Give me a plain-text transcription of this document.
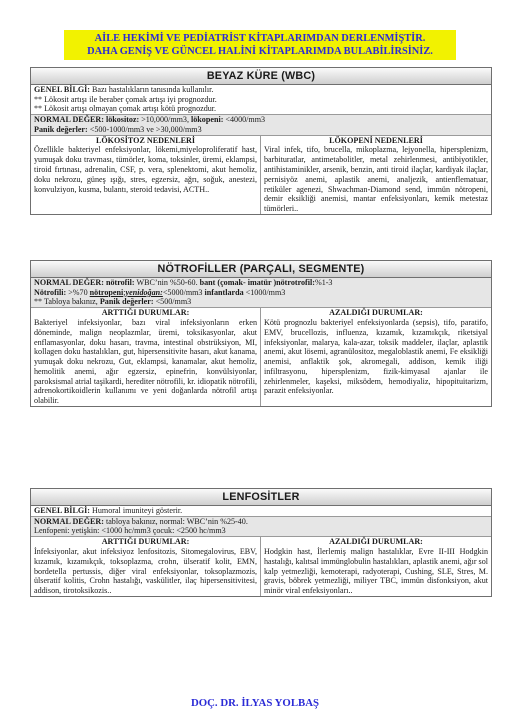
AİLE HEKİMİ VE PEDİATRİST KİTAPLARIMDAN DERLENMİŞTİR.
DAHA GENİŞ VE GÜNCEL HALİNİ KİTAPLARIMDA BULABİLİRSİNİZ.
BEYAZ KÜRE (WBC)
GENEL BİLGİ: Bazı hastalıkların tanısında kullanılır.
** Lökosit artışı ile beraber çomak artışı iyi prognozdur.
** Lökosit artışı olmayan çomak artışı kötü prognozdur.
NORMAL DEĞER: lökositoz: >10,000/mm3, lökopeni: <4000/mm3
Panik değerler: <500-1000/mm3 ve >30,000/mm3
LÖKOSİTOZ NEDENLERİ
Özellikle bakteriyel enfeksiyonlar, lökemi,miyeloproliferatif hast, yumuşak doku travması, tümörler, koma, toksinler, üremi, eklampsi, tiroid fırtınası, adrenalin, CSF, p. vera, splenektomi, akut hemoliz, doku nekrozu, güneş ışığı, stres, egzersiz, ağrı, soğuk, anestezi, konvulziyon, kusma, bulantı, steroid tedavisi, ACTH..
LÖKOPENİ NEDENLERİ
Viral infek, tifo, brucella, mikoplazma, lejyonella, hipersplenizm, barbituratlar, antimetabolitler, metal zehirlenmesi, antibiyotikler, antihistaminikler, arsenik, benzin, anti tiroid ilaçlar, kardiyak ilaçlar, pernisiyöz anemi, aplastik anemi, analjezik, antienflematuar, retiküler agenezi, Shwachman-Diamond send, immün nötropeni, demir eksikliği anemisi, mantar enfeksiyonları, kemik metestaz tümörleri..
NÖTROFİLLER (PARÇALI, SEGMENTE)
NORMAL DEĞER: nötrofil: WBC’nin %50-60. bant (çomak- imatür )nötrotrofil:%1-3
Nötrofili: >%70 nötropeni;yenidoğan:<5000/mm3 infantlarda <1000/mm3
** Tabloya bakınız, Panik değerler: <500/mm3
ARTTIĞI DURUMLAR:
Bakteriyel infeksiyonlar, bazı viral infeksiyonların erken döneminde, malign neoplazmlar, üremi, toksikasyonlar, akut enflamasyonlar, doku hasarı, travma, intestinal obstrüksiyon, MI, kollagen doku hastalıkları, gut, hipersensitivite hasarı, akut kanama, yumuşak doku nekrozu, Gut, eklampsi, kanamalar, akut hemoliz, hemolitik anemi, ağır egzersiz, epinefrin, konvülsiyonlar, paroksismal atrial taşikardi, herediter nötrofili, kr. idiopatik nötrofili, adrenokortikoidlerin kullanımı ve yeni doğanlarda nötrofil artışı olabilir.
AZALDIĞI DURUMLAR:
Kötü prognozlu bakteriyel enfeksiyonlarda (sepsis), tifo, paratifo, EMV, brucellozis, influenza, kızamık, kızamıkçık, riketsiyal infeksiyonlar, malarya, kala-azar, toksik maddeler, ilaçlar, aplastik anemi, akut lösemi, agranülositoz, megaloblastik anemi, Fe eksikliği anemisi, anflaktik şok, akromegali, addison, kemik iliği infiltrasyonu, hipersplenizm, fizik-kimyasal ajanlar ile zehirlenmeler, kaşeksi, miksödem, hemodiyaliz, hipopituitarizm, parazit enfeksiyonlar.
LENFOSİTLER
GENEL BİLGİ: Humoral imuniteyi gösterir.
NORMAL DEĞER: tabloya bakınız, normal: WBC’nin %25-40.
Lenfopeni: yetişkin: <1000 hc/mm3 çocuk: <2500 hc/mm3
ARTTIĞI DURUMLAR:
İnfeksiyonlar, akut infeksiyoz lenfositozis, Sitomegalovirus, EBV, kızamık, kızamıkçık, toksoplazma, crohn, ülseratif kolit, EMN, bordetella pertussis, diğer viral enfeksiyonlar, toksoplazmozis, ülseratif kolitis, Crohn hastalığı, vaskülitler, ilaç hipersensitivitesi, addison, tirotoksikozis..
AZALDIĞI DURUMLAR:
Hodgkin hast, İlerlemiş malign hastalıklar, Evre II-III Hodgkin hastalığı, kalıtsal immünglobulin hastalıkları, aplastik anemi, ağır sol kalp yetmezliği, kemoterapi, radyoterapi, Cushing, SLE, Stres, M. gravis, böbrek yetmezliği, miliyer TBC, immün disfonksiyon, akut minör viral enfeksiyonları..
DOÇ. DR. İLYAS YOLBAŞ
